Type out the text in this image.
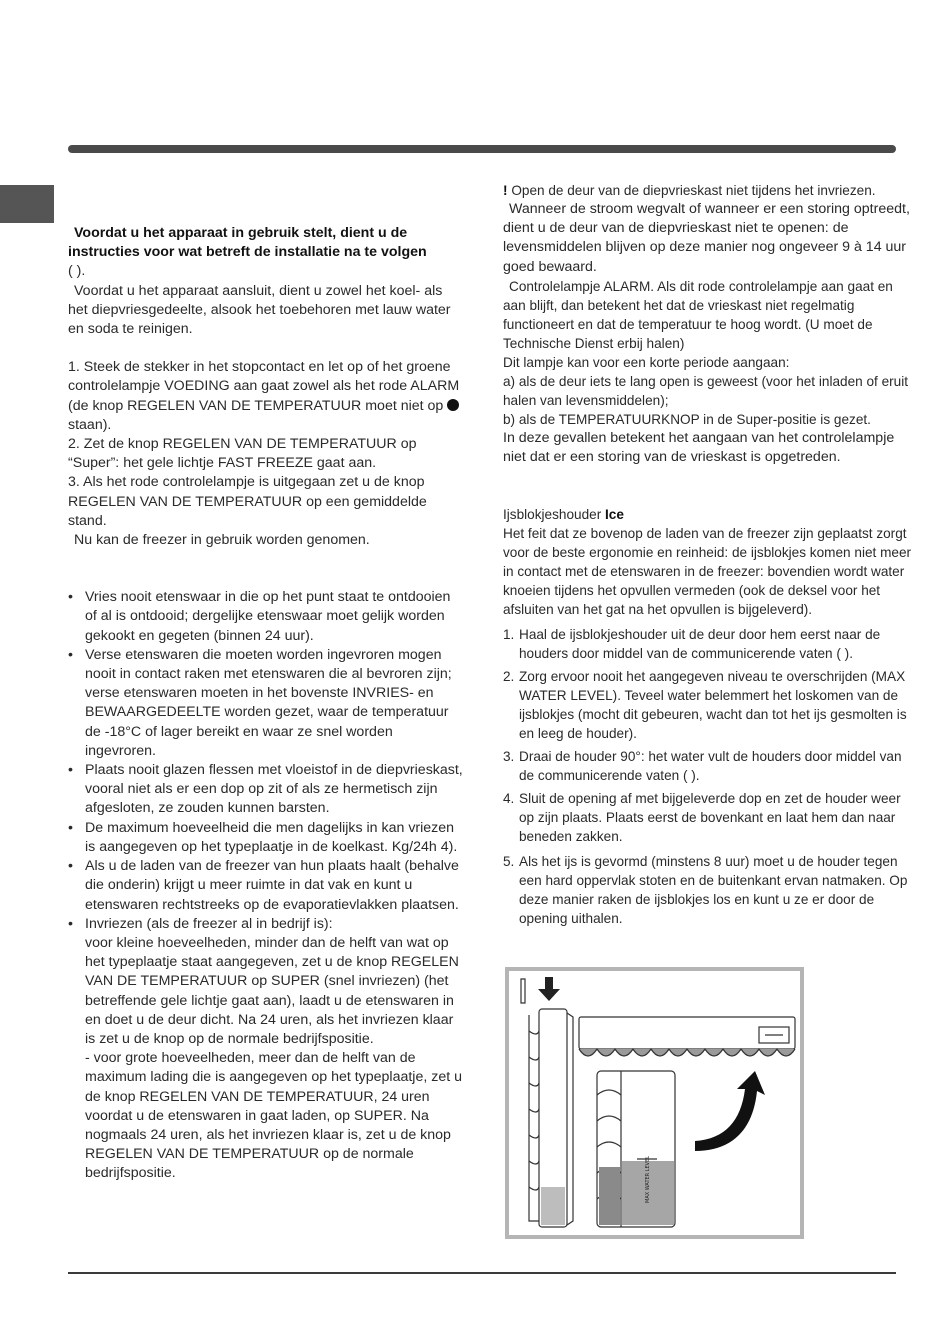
Voordat u het apparaat in gebruik stelt, dient u de instructies voor wat betreft de installatie na te volgen

( ).

Voordat u het apparaat aansluit, dient u zowel het koel- als het diepvriesgedeelte, alsook het toebehoren met lauw water en soda te reinigen.

1. Steek de stekker in het stopcontact en let op of het groene controlelampje VOEDING aan gaat zowel als het rode ALARM (de knop REGELEN VAN DE TEMPERATUUR moet niet op  staan).

2. Zet de knop REGELEN VAN DE TEMPERATUUR op “Super”: het gele lichtje FAST FREEZE gaat aan.

3. Als het rode controlelampje is uitgegaan zet u de knop REGELEN VAN DE TEMPERATUUR op een gemiddelde stand.

Nu kan de freezer in gebruik worden genomen.

• Vries nooit etenswaar in die op het punt staat te ontdooien of al is ontdooid; dergelijke etenswaar moet gelijk worden gekookt en gegeten (binnen 24 uur).
• Verse etenswaren die moeten worden ingevroren mogen nooit in contact raken met etenswaren die al bevroren zijn; verse etenswaren moeten in het bovenste INVRIES- en BEWAARGEDEELTE worden gezet, waar de temperatuur de -18°C of lager bereikt en waar ze snel worden ingevroren.
• Plaats nooit glazen flessen met vloeistof in de diepvrieskast, vooral niet als er een dop op zit of als ze hermetisch zijn afgesloten, ze zouden kunnen barsten.
• De maximum hoeveelheid die men dagelijks in kan vriezen is aangegeven op het typeplaatje in de koelkast. Kg/24h 4).
• Als u de laden van de freezer van hun plaats haalt (behalve die onderin) krijgt u meer ruimte in dat vak en kunt u etenswaren rechtstreeks op de evaporatievlakken plaatsen.
• Invriezen (als de freezer al in bedrijf is):
voor kleine hoeveelheden, minder dan de helft van wat op het typeplaatje staat aangegeven, zet u de knop REGELEN VAN DE TEMPERATUUR op SUPER (snel invriezen) (het betreffende gele lichtje gaat aan), laadt u de etenswaren in en doet u de deur dicht. Na 24 uren, als het invriezen klaar is zet u de knop op de normale bedrijfspositie.
- voor grote hoeveelheden, meer dan de helft van de maximum lading die is aangegeven op het typeplaatje, zet u de knop REGELEN VAN DE TEMPERATUUR, 24 uren voordat u de etenswaren in gaat laden, op SUPER. Na nogmaals 24 uren, als het invriezen klaar is, zet u de knop REGELEN VAN DE TEMPERATUUR op de normale bedrijfspositie.

! Open de deur van de diepvrieskast niet tijdens het invriezen.

Wanneer de stroom wegvalt of wanneer er een storing optreedt, dient u de deur van de diepvrieskast niet te openen: de levensmiddelen blijven op deze manier nog ongeveer 9 à 14 uur goed bewaard.

Controlelampje ALARM. Als dit rode controlelampje aan gaat en aan blijft, dan betekent het dat de vrieskast niet regelmatig functioneert en dat de temperatuur te hoog wordt. (U moet de Technische Dienst erbij halen)

Dit lampje kan voor een korte periode aangaan:

a) als de deur iets te lang open is geweest (voor het inladen of eruit halen van levensmiddelen);

b) als de TEMPERATUURKNOP in de Super-positie is gezet.

In deze gevallen betekent het aangaan van het controlelampje niet dat er een storing van de vrieskast is opgetreden.

Ijsblokjeshouder Ice

Het feit dat ze bovenop de laden van de freezer zijn geplaatst zorgt voor de beste ergonomie en reinheid: de ijsblokjes komen niet meer in contact met de etenswaren in de freezer: bovendien wordt water knoeien tijdens het opvullen vermeden (ook de deksel voor het afsluiten van het gat na het opvullen is bijgeleverd).

1. Haal de ijsblokjeshouder uit de deur door hem eerst naar de houders door middel van de communicerende vaten ( ).
2. Zorg ervoor nooit het aangegeven niveau te overschrijden (MAX WATER LEVEL). Teveel water belemmert het loskomen van de ijsblokjes (mocht dit gebeuren, wacht dan tot het ijs gesmolten is en leeg de houder).
3. Draai de houder 90°: het water vult de houders door middel van de communicerende vaten ( ).
4. Sluit de opening af met bijgeleverde dop en zet de houder weer op zijn plaats. Plaats eerst de bovenkant en laat hem dan naar beneden zakken.
5. Als het ijs is gevormd (minstens 8 uur) moet u de houder tegen een hard oppervlak stoten en de buitenkant ervan natmaken. Op deze manier raken de ijsblokjes los en kunt u ze er door de opening uithalen.
MAX WATER LEVEL
